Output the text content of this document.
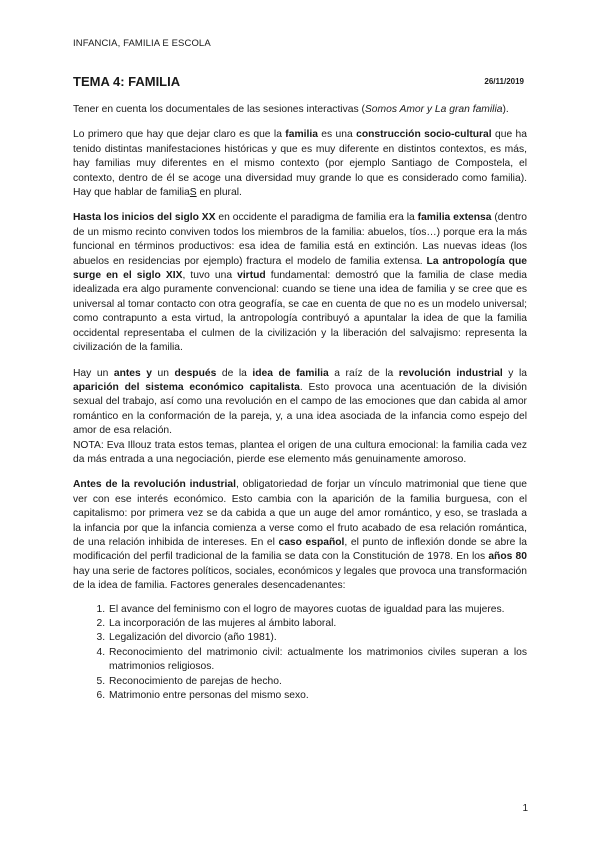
INFANCIA, FAMILIA E ESCOLA
TEMA 4: FAMILIA	26/11/2019

Tener en cuenta los documentales de las sesiones interactivas (Somos Amor y La gran familia).

Lo primero que hay que dejar claro es que la familia es una construcción socio-cultural que ha tenido distintas manifestaciones históricas y que es muy diferente en distintos contextos, es más, hay familias muy diferentes en el mismo contexto (por ejemplo Santiago de Compostela, el contexto, dentro de él se acoge una diversidad muy grande lo que es considerado como familia). Hay que hablar de familiaS en plural.

Hasta los inicios del siglo XX en occidente el paradigma de familia era la familia extensa (dentro de un mismo recinto conviven todos los miembros de la familia: abuelos, tíos…) porque era la más funcional en términos productivos: esa idea de familia está en extinción. Las nuevas ideas (los abuelos en residencias por ejemplo) fractura el modelo de familia extensa. La antropología que surge en el siglo XIX, tuvo una virtud fundamental: demostró que la familia de clase media idealizada era algo puramente convencional: cuando se tiene una idea de familia y se cree que es universal al tomar contacto con otra geografía, se cae en cuenta de que no es un modelo universal; como contrapunto a esta virtud, la antropología contribuyó a apuntalar la idea de que la familia occidental representaba el culmen de la civilización y la liberación del salvajismo: representa la civilización de la familia.

Hay un antes y un después de la idea de familia a raíz de la revolución industrial y la aparición del sistema económico capitalista. Esto provoca una acentuación de la división sexual del trabajo, así como una revolución en el campo de las emociones que dan cabida al amor romántico en la conformación de la pareja, y, a una idea asociada de la infancia como espejo del amor de esa relación.

NOTA: Eva Illouz trata estos temas, plantea el origen de una cultura emocional: la familia cada vez da más entrada a una negociación, pierde ese elemento más genuinamente amoroso.

Antes de la revolución industrial, obligatoriedad de forjar un vínculo matrimonial que tiene que ver con ese interés económico. Esto cambia con la aparición de la familia burguesa, con el capitalismo: por primera vez se da cabida a que un auge del amor romántico, y eso, se traslada a la infancia por que la infancia comienza a verse como el fruto acabado de esa relación romántica, de una relación inhibida de intereses. En el caso español, el punto de inflexión donde se abre la modificación del perfil tradicional de la familia se data con la Constitución de 1978. En los años 80 hay una serie de factores políticos, sociales, económicos y legales que provoca una transformación de la idea de familia. Factores generales desencadenantes:

1. El avance del feminismo con el logro de mayores cuotas de igualdad para las mujeres.
2. La incorporación de las mujeres al ámbito laboral.
3. Legalización del divorcio (año 1981).
4. Reconocimiento del matrimonio civil: actualmente los matrimonios civiles superan a los matrimonios religiosos.
5. Reconocimiento de parejas de hecho.
6. Matrimonio entre personas del mismo sexo.
1
